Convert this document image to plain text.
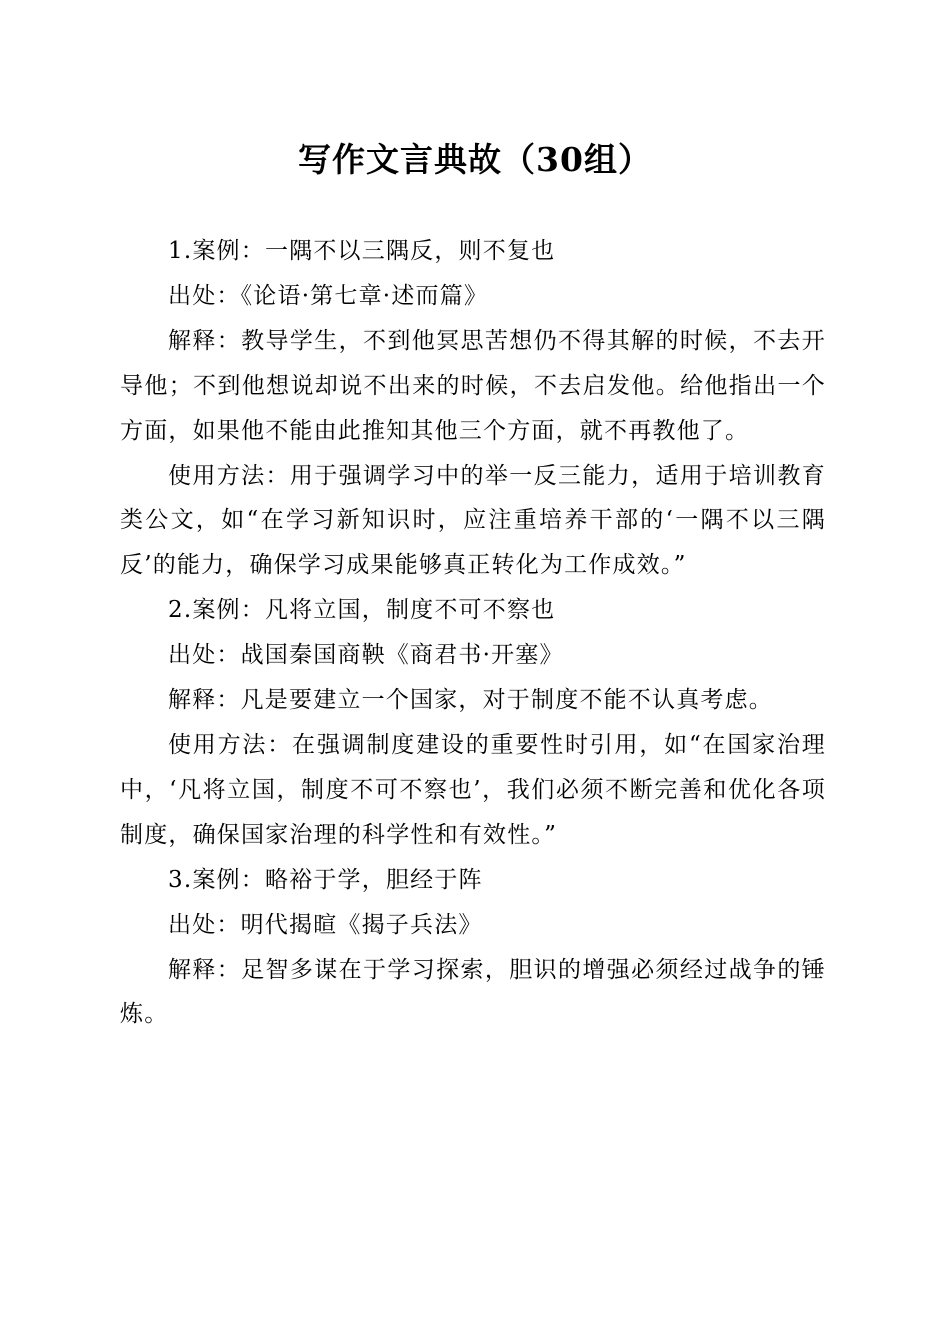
写作文言典故（30组）

1.案例：一隅不以三隅反，则不复也

出处：《论语·第七章·述而篇》

解释：教导学生，不到他冥思苦想仍不得其解的时候，不去开导他；不到他想说却说不出来的时候，不去启发他。给他指出一个方面，如果他不能由此推知其他三个方面，就不再教他了。

使用方法：用于强调学习中的举一反三能力，适用于培训教育类公文，如“在学习新知识时，应注重培养干部的‘一隅不以三隅反’的能力，确保学习成果能够真正转化为工作成效。”

2.案例：凡将立国，制度不可不察也

出处：战国秦国商鞅《商君书·开塞》

解释：凡是要建立一个国家，对于制度不能不认真考虑。

使用方法：在强调制度建设的重要性时引用，如“在国家治理中，‘凡将立国，制度不可不察也’，我们必须不断完善和优化各项制度，确保国家治理的科学性和有效性。”

3.案例：略裕于学，胆经于阵

出处：明代揭暄《揭子兵法》

解释：足智多谋在于学习探索，胆识的增强必须经过战争的锤炼。
